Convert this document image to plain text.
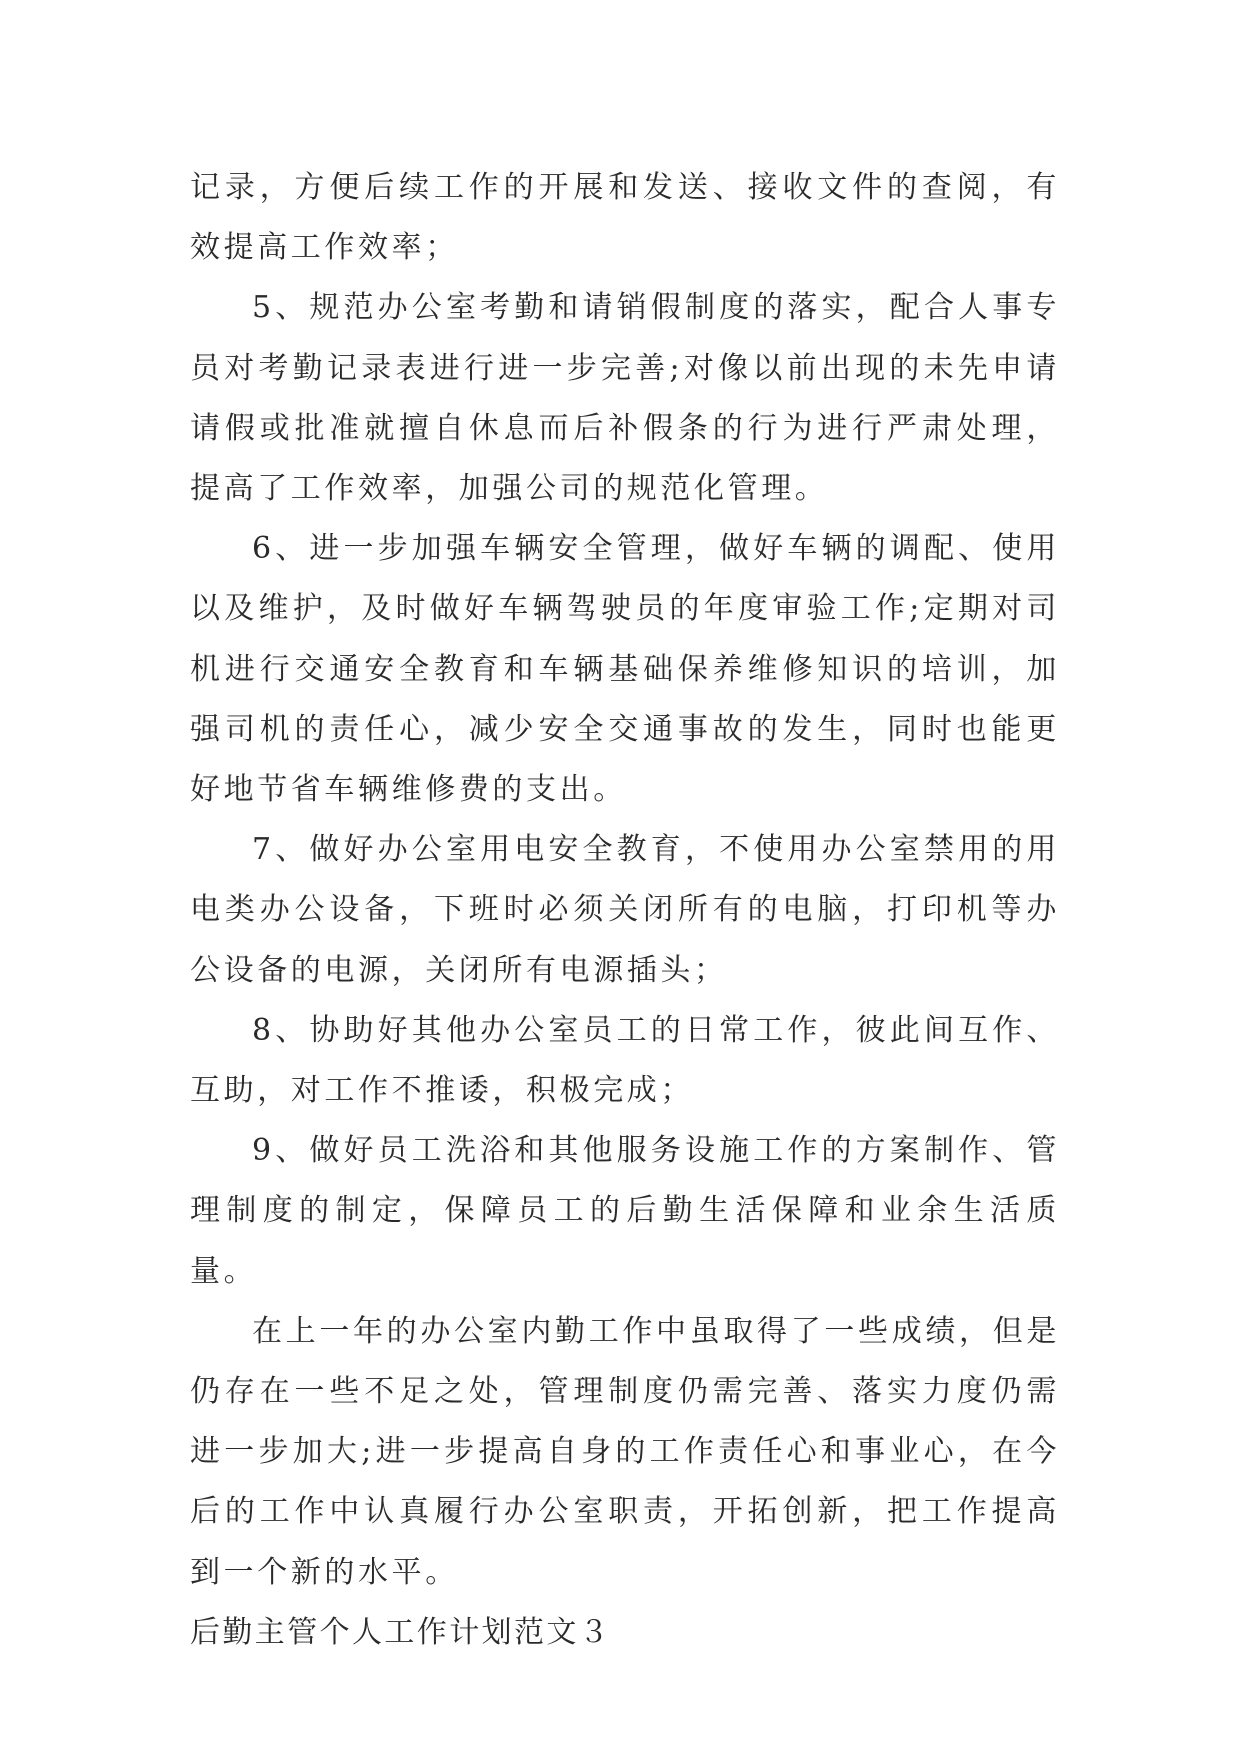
记录，方便后续工作的开展和发送、接收文件的查阅，有效提高工作效率；

5、规范办公室考勤和请销假制度的落实，配合人事专员对考勤记录表进行进一步完善;对像以前出现的未先申请请假或批准就擅自休息而后补假条的行为进行严肃处理，提高了工作效率，加强公司的规范化管理。

6、进一步加强车辆安全管理，做好车辆的调配、使用以及维护，及时做好车辆驾驶员的年度审验工作;定期对司机进行交通安全教育和车辆基础保养维修知识的培训，加强司机的责任心，减少安全交通事故的发生，同时也能更好地节省车辆维修费的支出。

7、做好办公室用电安全教育，不使用办公室禁用的用电类办公设备，下班时必须关闭所有的电脑，打印机等办公设备的电源，关闭所有电源插头；

8、协助好其他办公室员工的日常工作，彼此间互作、互助，对工作不推诿，积极完成；

9、做好员工洗浴和其他服务设施工作的方案制作、管理制度的制定，保障员工的后勤生活保障和业余生活质量。

在上一年的办公室内勤工作中虽取得了一些成绩，但是仍存在一些不足之处，管理制度仍需完善、落实力度仍需进一步加大;进一步提高自身的工作责任心和事业心，在今后的工作中认真履行办公室职责，开拓创新，把工作提高到一个新的水平。

后勤主管个人工作计划范文３
